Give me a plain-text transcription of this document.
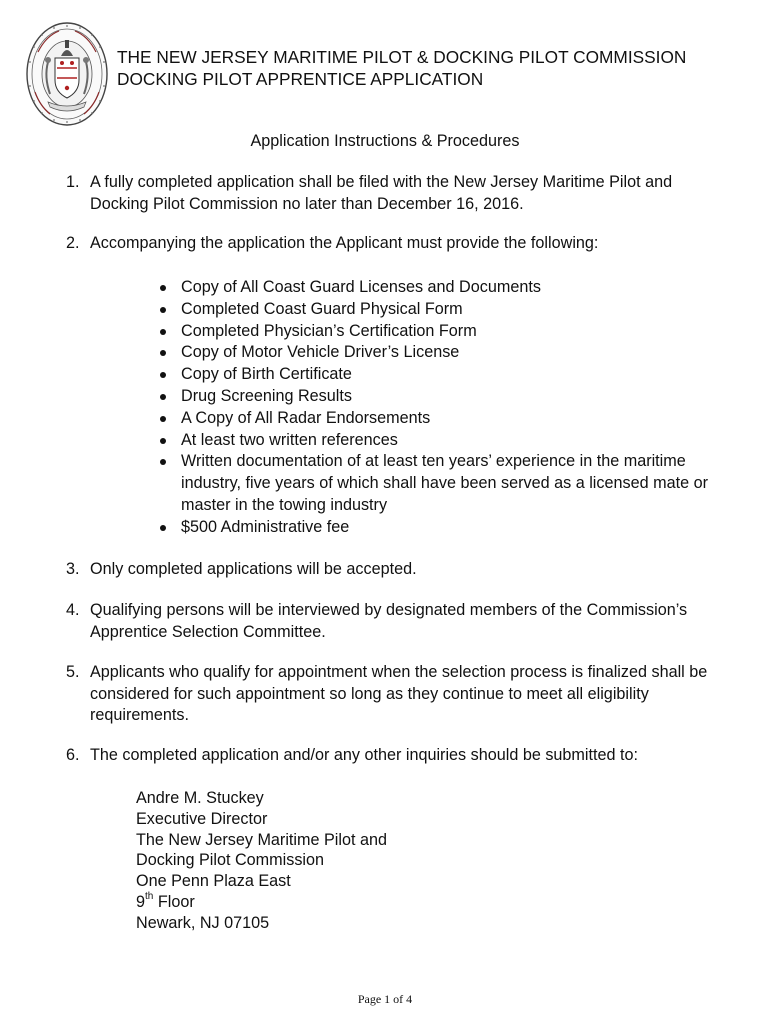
THE NEW JERSEY MARITIME PILOT & DOCKING PILOT COMMISSION
DOCKING PILOT APPRENTICE APPLICATION
Application Instructions & Procedures
1. A fully completed application shall be filed with the New Jersey Maritime Pilot and Docking Pilot Commission no later than December 16, 2016.
2. Accompanying the application the Applicant must provide the following:
Copy of All Coast Guard Licenses and Documents
Completed Coast Guard Physical Form
Completed Physician’s Certification Form
Copy of Motor Vehicle Driver’s License
Copy of Birth Certificate
Drug Screening Results
A Copy of All Radar Endorsements
At least two written references
Written documentation of at least ten years’ experience in the maritime industry, five years of which shall have been served as a licensed mate or master in the towing industry
$500 Administrative fee
3. Only completed applications will be accepted.
4. Qualifying persons will be interviewed by designated members of the Commission’s Apprentice Selection Committee.
5. Applicants who qualify for appointment when the selection process is finalized shall be considered for such appointment so long as they continue to meet all eligibility requirements.
6. The completed application and/or any other inquiries should be submitted to:
Andre M. Stuckey
Executive Director
The New Jersey Maritime Pilot and
Docking Pilot Commission
One Penn Plaza East
9th Floor
Newark, NJ 07105
Page 1 of 4
